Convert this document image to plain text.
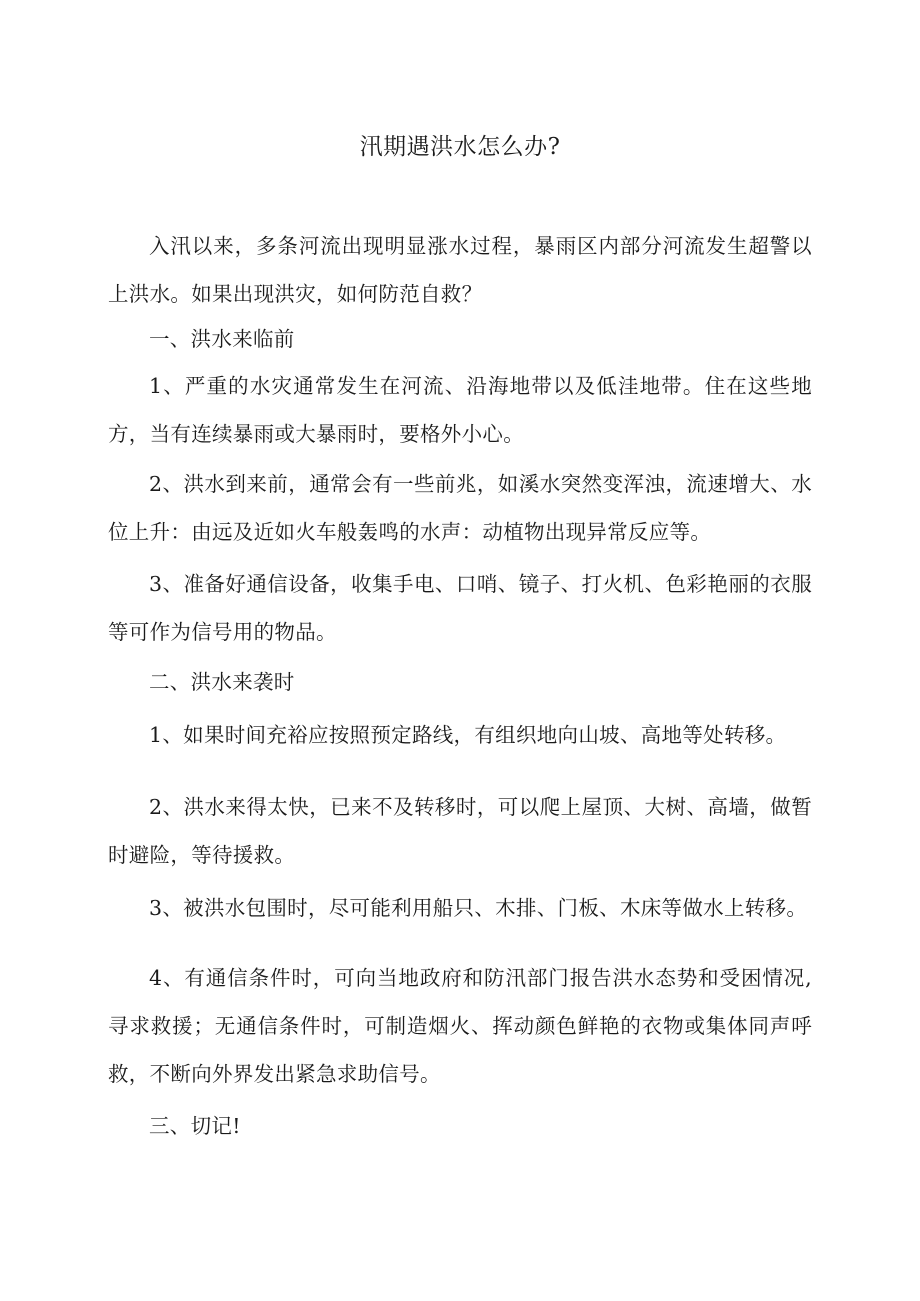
汛期遇洪水怎么办?

入汛以来，多条河流出现明显涨水过程，暴雨区内部分河流发生超警以上洪水。如果出现洪灾，如何防范自救？

一、洪水来临前

1、严重的水灾通常发生在河流、沿海地带以及低洼地带。住在这些地方，当有连续暴雨或大暴雨时，要格外小心。

2、洪水到来前，通常会有一些前兆，如溪水突然变浑浊，流速增大、水位上升：由远及近如火车般轰鸣的水声：动植物出现异常反应等。

3、准备好通信设备，收集手电、口哨、镜子、打火机、色彩艳丽的衣服等可作为信号用的物品。

二、洪水来袭时

1、如果时间充裕应按照预定路线，有组织地向山坡、高地等处转移。

2、洪水来得太快，已来不及转移时，可以爬上屋顶、大树、高墙，做暂时避险，等待援救。

3、被洪水包围时，尽可能利用船只、木排、门板、木床等做水上转移。

4、有通信条件时，可向当地政府和防汛部门报告洪水态势和受困情况,寻求救援；无通信条件时，可制造烟火、挥动颜色鲜艳的衣物或集体同声呼救，不断向外界发出紧急求助信号。

三、切记!
